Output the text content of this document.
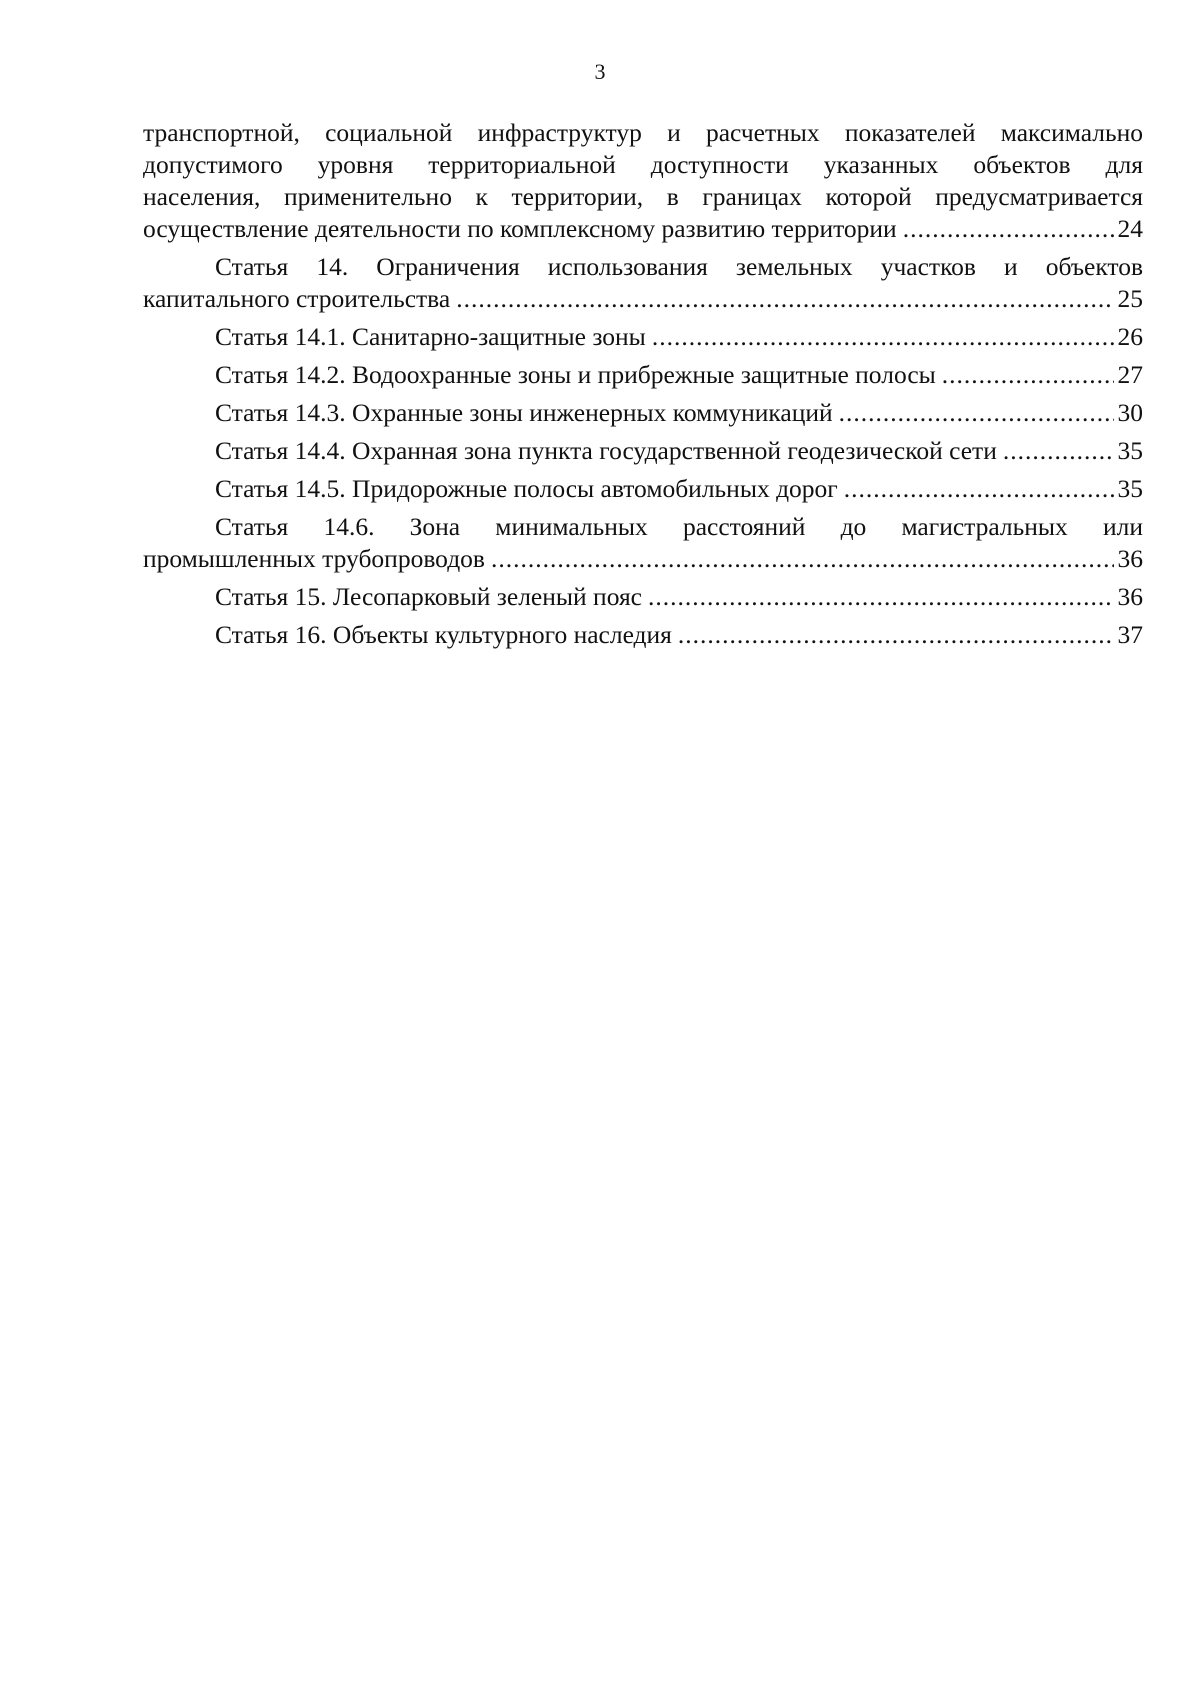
3
транспортной, социальной инфраструктур и расчетных показателей максимально
допустимого уровня территориальной доступности указанных объектов для
населения, применительно к территории, в границах которой предусматривается
осуществление деятельности по комплексному развитию территории .....	24
Статья 14. Ограничения использования земельных участков и объектов
капитального строительства .....	25
Статья 14.1. Санитарно-защитные зоны .....	26
Статья 14.2. Водоохранные зоны и прибрежные защитные полосы .....	27
Статья 14.3. Охранные зоны инженерных коммуникаций .....	30
Статья 14.4. Охранная зона пункта государственной геодезической сети .....	35
Статья 14.5. Придорожные полосы автомобильных дорог .....	35
Статья 14.6. Зона минимальных расстояний до магистральных или
промышленных трубопроводов .....	36
Статья 15. Лесопарковый зеленый пояс .....	36
Статья 16. Объекты культурного наследия .....	37
